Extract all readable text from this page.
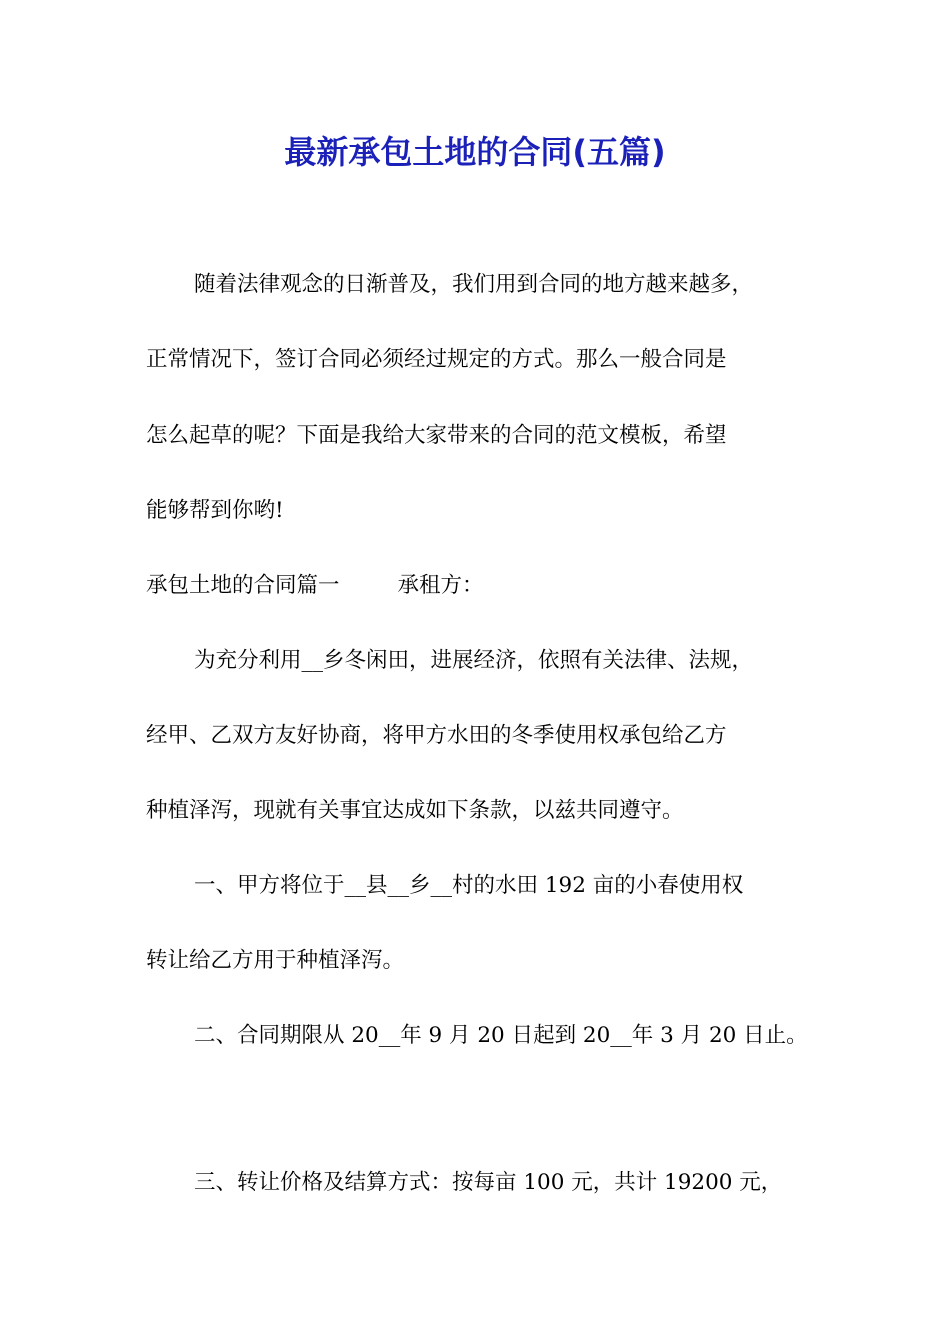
最新承包土地的合同(五篇)

随着法律观念的日渐普及，我们用到合同的地方越来越多，

正常情况下，签订合同必须经过规定的方式。那么一般合同是

怎么起草的呢？下面是我给大家带来的合同的范文模板，希望

能够帮到你哟!

承包土地的合同篇一	承租方：

为充分利用__乡冬闲田，进展经济，依照有关法律、法规，

经甲、乙双方友好协商，将甲方水田的冬季使用权承包给乙方

种植泽泻，现就有关事宜达成如下条款，以兹共同遵守。

一、甲方将位于__县__乡__村的水田 192 亩的小春使用权

转让给乙方用于种植泽泻。

二、合同期限从 20__年 9 月 20 日起到 20__年 3 月 20 日止。

三、转让价格及结算方式：按每亩 100 元，共计 19200 元，
